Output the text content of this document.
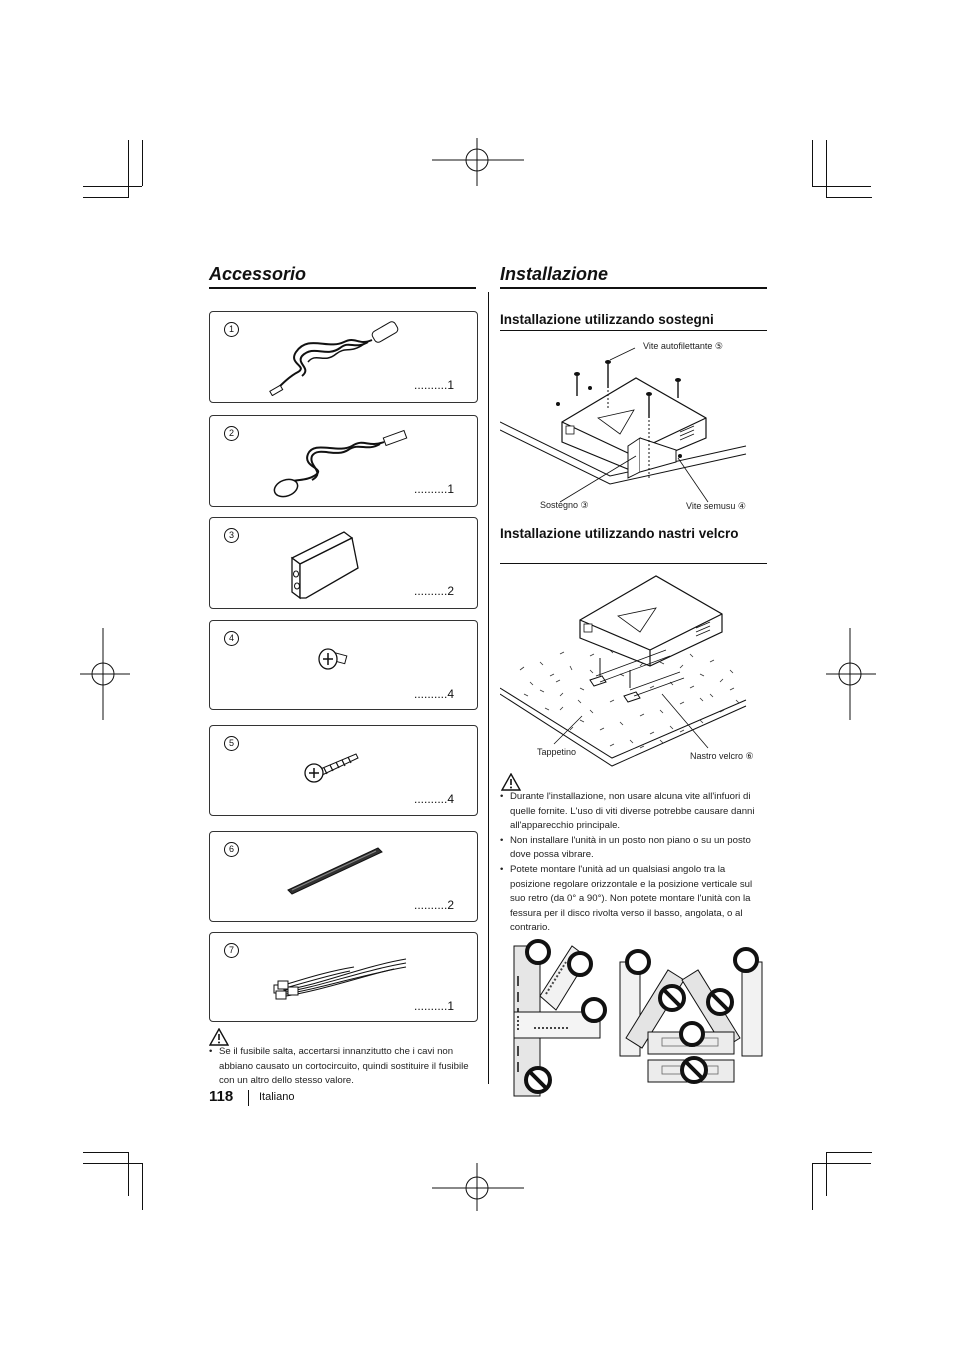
Accessorio
1
..........1
2
..........1
3
..........2
4
..........4
5
..........4
6
..........2
7
..........1
• Se il fusibile salta, accertarsi innanzitutto che i cavi non abbiano causato un cortocircuito, quindi sostituire il fusibile con un altro dello stesso valore.
118 Italiano
Installazione
Installazione utilizzando sostegni
Vite autofilettante ⑤
Sostegno ③	Vite semusu ④
Installazione utilizzando nastri velcro
Tappetino	Nastro velcro ⑥
• Durante l'installazione, non usare alcuna vite all'infuori di quelle fornite. L'uso di viti diverse potrebbe causare danni all'apparecchio principale.
• Non installare l'unità in un posto non piano o su un posto dove possa vibrare.
• Potete montare l'unità ad un qualsiasi angolo tra la posizione regolare orizzontale e la posizione verticale sul suo retro (da 0° a 90°). Non potete montare l'unità con la fessura per il disco rivolta verso il basso, angolata, o al contrario.
